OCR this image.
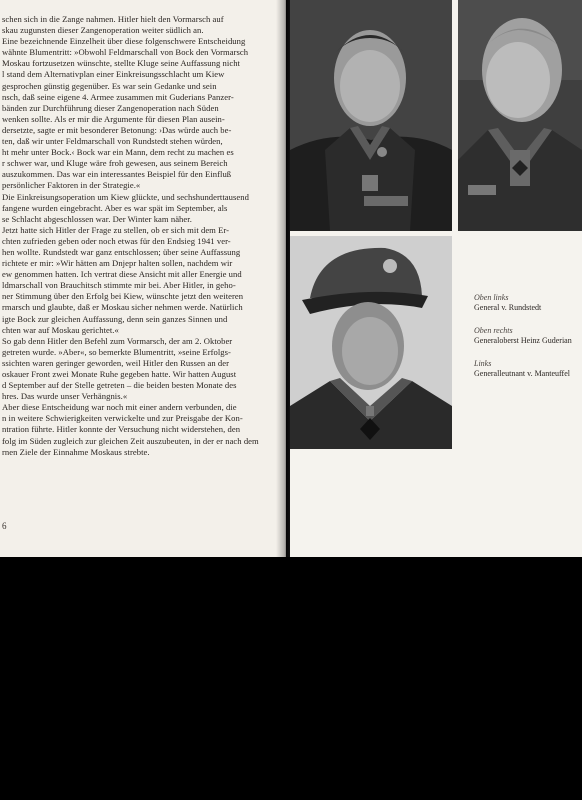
schen sich in die Zange nahmen. Hitler hielt den Vormarsch auf
skau zugunsten dieser Zangenoperation weiter südlich an.
Eine bezeichnende Einzelheit über diese folgenschwere Entscheidung
wähnte Blumentritt: »Obwohl Feldmarschall von Bock den Vormarsch
Moskau fortzusetzen wünschte, stellte Kluge seine Auffassung nicht
l stand dem Alternativplan einer Einkreisungsschlacht um Kiew
gesprochen günstig gegenüber. Es war sein Gedanke und sein
nsch, daß seine eigene 4. Armee zusammen mit Guderians Panzer-
bänden zur Durchführung dieser Zangenoperation nach Süden
wenken sollte. Als er mir die Argumente für diesen Plan ausein-
dersetzte, sagte er mit besonderer Betonung: ›Das würde auch be-
ten, daß wir unter Feldmarschall von Rundstedt stehen würden,
ht mehr unter Bock.‹ Bock war ein Mann, dem recht zu machen es
r schwer war, und Kluge wäre froh gewesen, aus seinem Bereich
auszukommen. Das war ein interessantes Beispiel für den Einfluß
persönlicher Faktoren in der Strategie.«
Die Einkreisungsoperation um Kiew glückte, und sechshunderttausend
fangene wurden eingebracht. Aber es war spät im September, als
se Schlacht abgeschlossen war. Der Winter kam näher.
Jetzt hatte sich Hitler der Frage zu stellen, ob er sich mit dem Er-
chten zufrieden geben oder noch etwas für den Endsieg 1941 ver-
hen wollte. Rundstedt war ganz entschlossen; über seine Auffassung
richtete er mir: »Wir hätten am Dnjepr halten sollen, nachdem wir
ew genommen hatten. Ich vertrat diese Ansicht mit aller Energie und
ldmarschall von Brauchitsch stimmte mir bei. Aber Hitler, in geho-
ner Stimmung über den Erfolg bei Kiew, wünschte jetzt den weiteren
rmarsch und glaubte, daß er Moskau sicher nehmen werde. Natürlich
igte Bock zur gleichen Auffassung, denn sein ganzes Sinnen und
chten war auf Moskau gerichtet.«
So gab denn Hitler den Befehl zum Vormarsch, der am 2. Oktober
getreten wurde. »Aber«, so bemerkte Blumentritt, »seine Erfolgs-
ssichten waren geringer geworden, weil Hitler den Russen an der
oskauer Front zwei Monate Ruhe gegeben hatte. Wir hatten August
d September auf der Stelle getreten – die beiden besten Monate des
hres. Das wurde unser Verhängnis.«
Aber diese Entscheidung war noch mit einer andern verbunden, die
n in weitere Schwierigkeiten verwickelte und zur Preisgabe der Kon-
ntration führte. Hitler konnte der Versuchung nicht widerstehen, den
folg im Süden zugleich zur gleichen Zeit auszubeuten, in der er nach dem
rnen Ziele der Einnahme Moskaus strebte.
6
Oben links
General v. Rundstedt
Oben rechts
Generaloberst Heinz Guderian
Links
Generalleutnant v. Manteuffel
